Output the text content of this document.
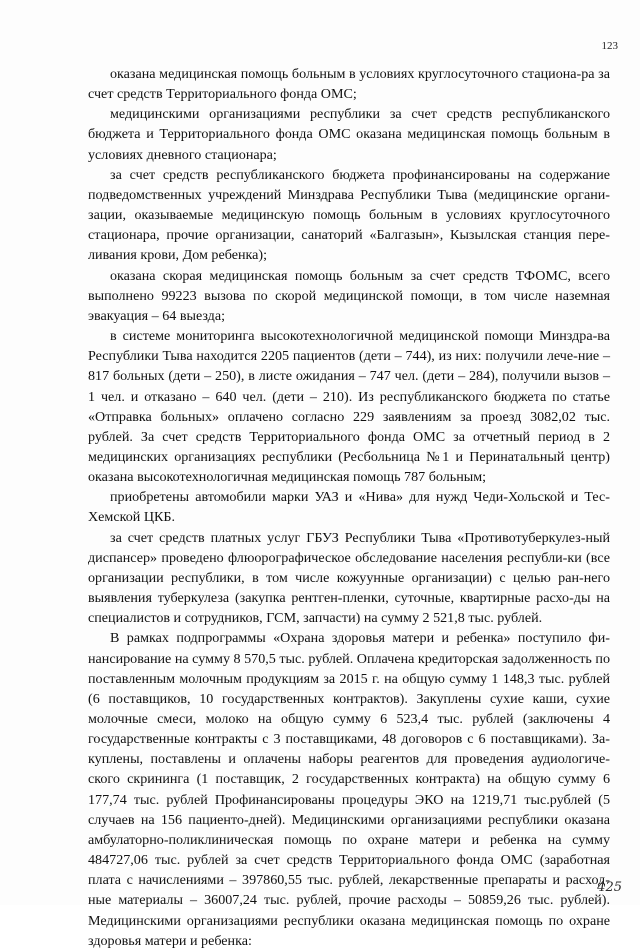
123

оказана медицинская помощь больным в условиях круглосуточного стациона-ра за счет средств Территориального фонда ОМС;

медицинскими организациями республики за счет средств республиканского бюджета и Территориального фонда ОМС оказана медицинская помощь больным в условиях дневного стационара;

за счет средств республиканского бюджета профинансированы на содержание подведомственных учреждений Минздрава Республики Тыва (медицинские органи-зации, оказываемые медицинскую помощь больным в условиях круглосуточного стационара, прочие организации, санаторий «Балгазын», Кызылская станция пере-ливания крови, Дом ребенка);

оказана скорая медицинская помощь больным за счет средств ТФОМС, всего выполнено 99223 вызова по скорой медицинской помощи, в том числе наземная эвакуация – 64 выезда;

в системе мониторинга высокотехнологичной медицинской помощи Минздра-ва Республики Тыва находится 2205 пациентов (дети – 744), из них: получили лече-ние – 817 больных (дети – 250), в листе ожидания – 747 чел. (дети – 284), получили вызов – 1 чел. и отказано – 640 чел. (дети – 210). Из республиканского бюджета по статье «Отправка больных» оплачено согласно 229 заявлениям за проезд 3082,02 тыс. рублей. За счет средств Территориального фонда ОМС за отчетный период в 2 медицинских организациях республики (Ресбольница №1 и Перинатальный центр) оказана высокотехнологичная медицинская помощь 787 больным;

приобретены автомобили марки УАЗ и «Нива» для нужд Чеди-Хольской и Тес-Хемской ЦКБ.

за счет средств платных услуг ГБУЗ Республики Тыва «Противотуберкулез-ный диспансер» проведено флюорографическое обследование населения республи-ки (все организации республики, в том числе кожуунные организации) с целью ран-него выявления туберкулеза (закупка рентген-пленки, суточные, квартирные расхо-ды на специалистов и сотрудников, ГСМ, запчасти) на сумму 2 521,8 тыс. рублей.

В рамках подпрограммы «Охрана здоровья матери и ребенка» поступило фи-нансирование на сумму 8 570,5 тыс. рублей. Оплачена кредиторская задолженность по поставленным молочным продукциям за 2015 г. на общую сумму 1 148,3 тыс. рублей (6 поставщиков, 10 государственных контрактов). Закуплены сухие каши, сухие молочные смеси, молоко на общую сумму 6 523,4 тыс. рублей (заключены 4 государственные контракты с 3 поставщиками, 48 договоров с 6 поставщиками). За-куплены, поставлены и оплачены наборы реагентов для проведения аудиологиче-ского скрининга (1 поставщик, 2 государственных контракта) на общую сумму 6 177,74 тыс. рублей Профинансированы процедуры ЭКО на 1219,71 тыс.рублей (5 случаев на 156 пациенто-дней). Медицинскими организациями республики оказана амбулаторно-поликлиническая помощь по охране матери и ребенка на сумму 484727,06 тыс. рублей за счет средств Территориального фонда ОМС (заработная плата с начислениями – 397860,55 тыс. рублей, лекарственные препараты и расход-ные материалы – 36007,24 тыс. рублей, прочие расходы – 50859,26 тыс. рублей). Медицинскими организациями республики оказана медицинская помощь по охране здоровья матери и ребенка:

425
